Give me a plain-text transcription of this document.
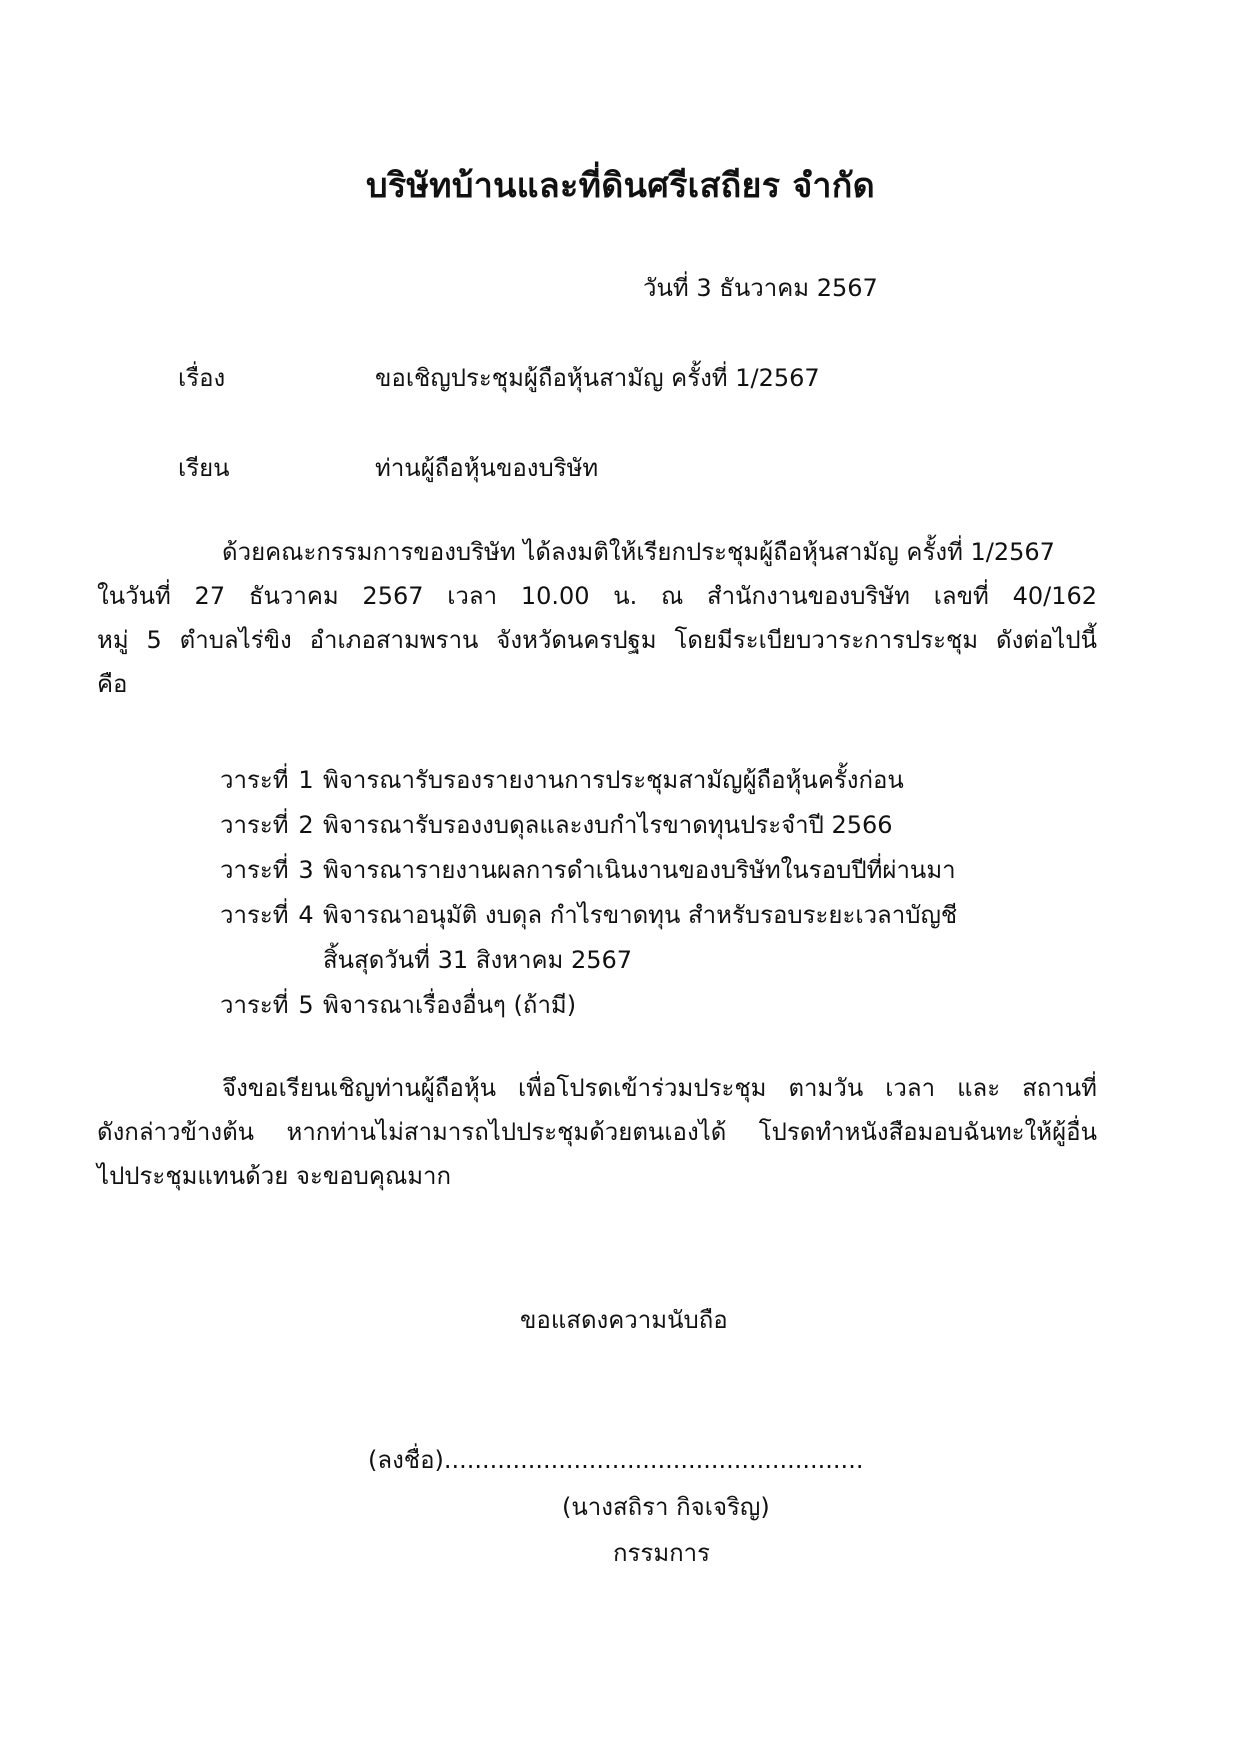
บริษัทบ้านและที่ดินศรีเสถียร จำกัด
วันที่ 3 ธันวาคม 2567
เรื่อง	ขอเชิญประชุมผู้ถือหุ้นสามัญ ครั้งที่ 1/2567
เรียน	ท่านผู้ถือหุ้นของบริษัท
ด้วยคณะกรรมการของบริษัท ได้ลงมติให้เรียกประชุมผู้ถือหุ้นสามัญ ครั้งที่ 1/2567
ในวันที่ 27 ธันวาคม 2567 เวลา 10.00 น. ณ สำนักงานของบริษัท เลขที่ 40/162
หมู่ 5 ตำบลไร่ขิง อำเภอสามพราน จังหวัดนครปฐม โดยมีระเบียบวาระการประชุม ดังต่อไปนี้
คือ
วาระที่ 1 พิจารณารับรองรายงานการประชุมสามัญผู้ถือหุ้นครั้งก่อน
วาระที่ 2 พิจารณารับรองงบดุลและงบกำไรขาดทุนประจำปี 2566
วาระที่ 3 พิจารณารายงานผลการดำเนินงานของบริษัทในรอบปีที่ผ่านมา
วาระที่ 4 พิจารณาอนุมัติ งบดุล กำไรขาดทุน สำหรับรอบระยะเวลาบัญชี
สิ้นสุดวันที่ 31 สิงหาคม 2567
วาระที่ 5 พิจารณาเรื่องอื่นๆ (ถ้ามี)
จึงขอเรียนเชิญท่านผู้ถือหุ้น เพื่อโปรดเข้าร่วมประชุม ตามวัน เวลา และ สถานที่
ดังกล่าวข้างต้น หากท่านไม่สามารถไปประชุมด้วยตนเองได้ โปรดทำหนังสือมอบฉันทะให้ผู้อื่น
ไปประชุมแทนด้วย จะขอบคุณมาก
ขอแสดงความนับถือ
(ลงชื่อ).......................................................
(นางสถิรา กิจเจริญ)
กรรมการ
